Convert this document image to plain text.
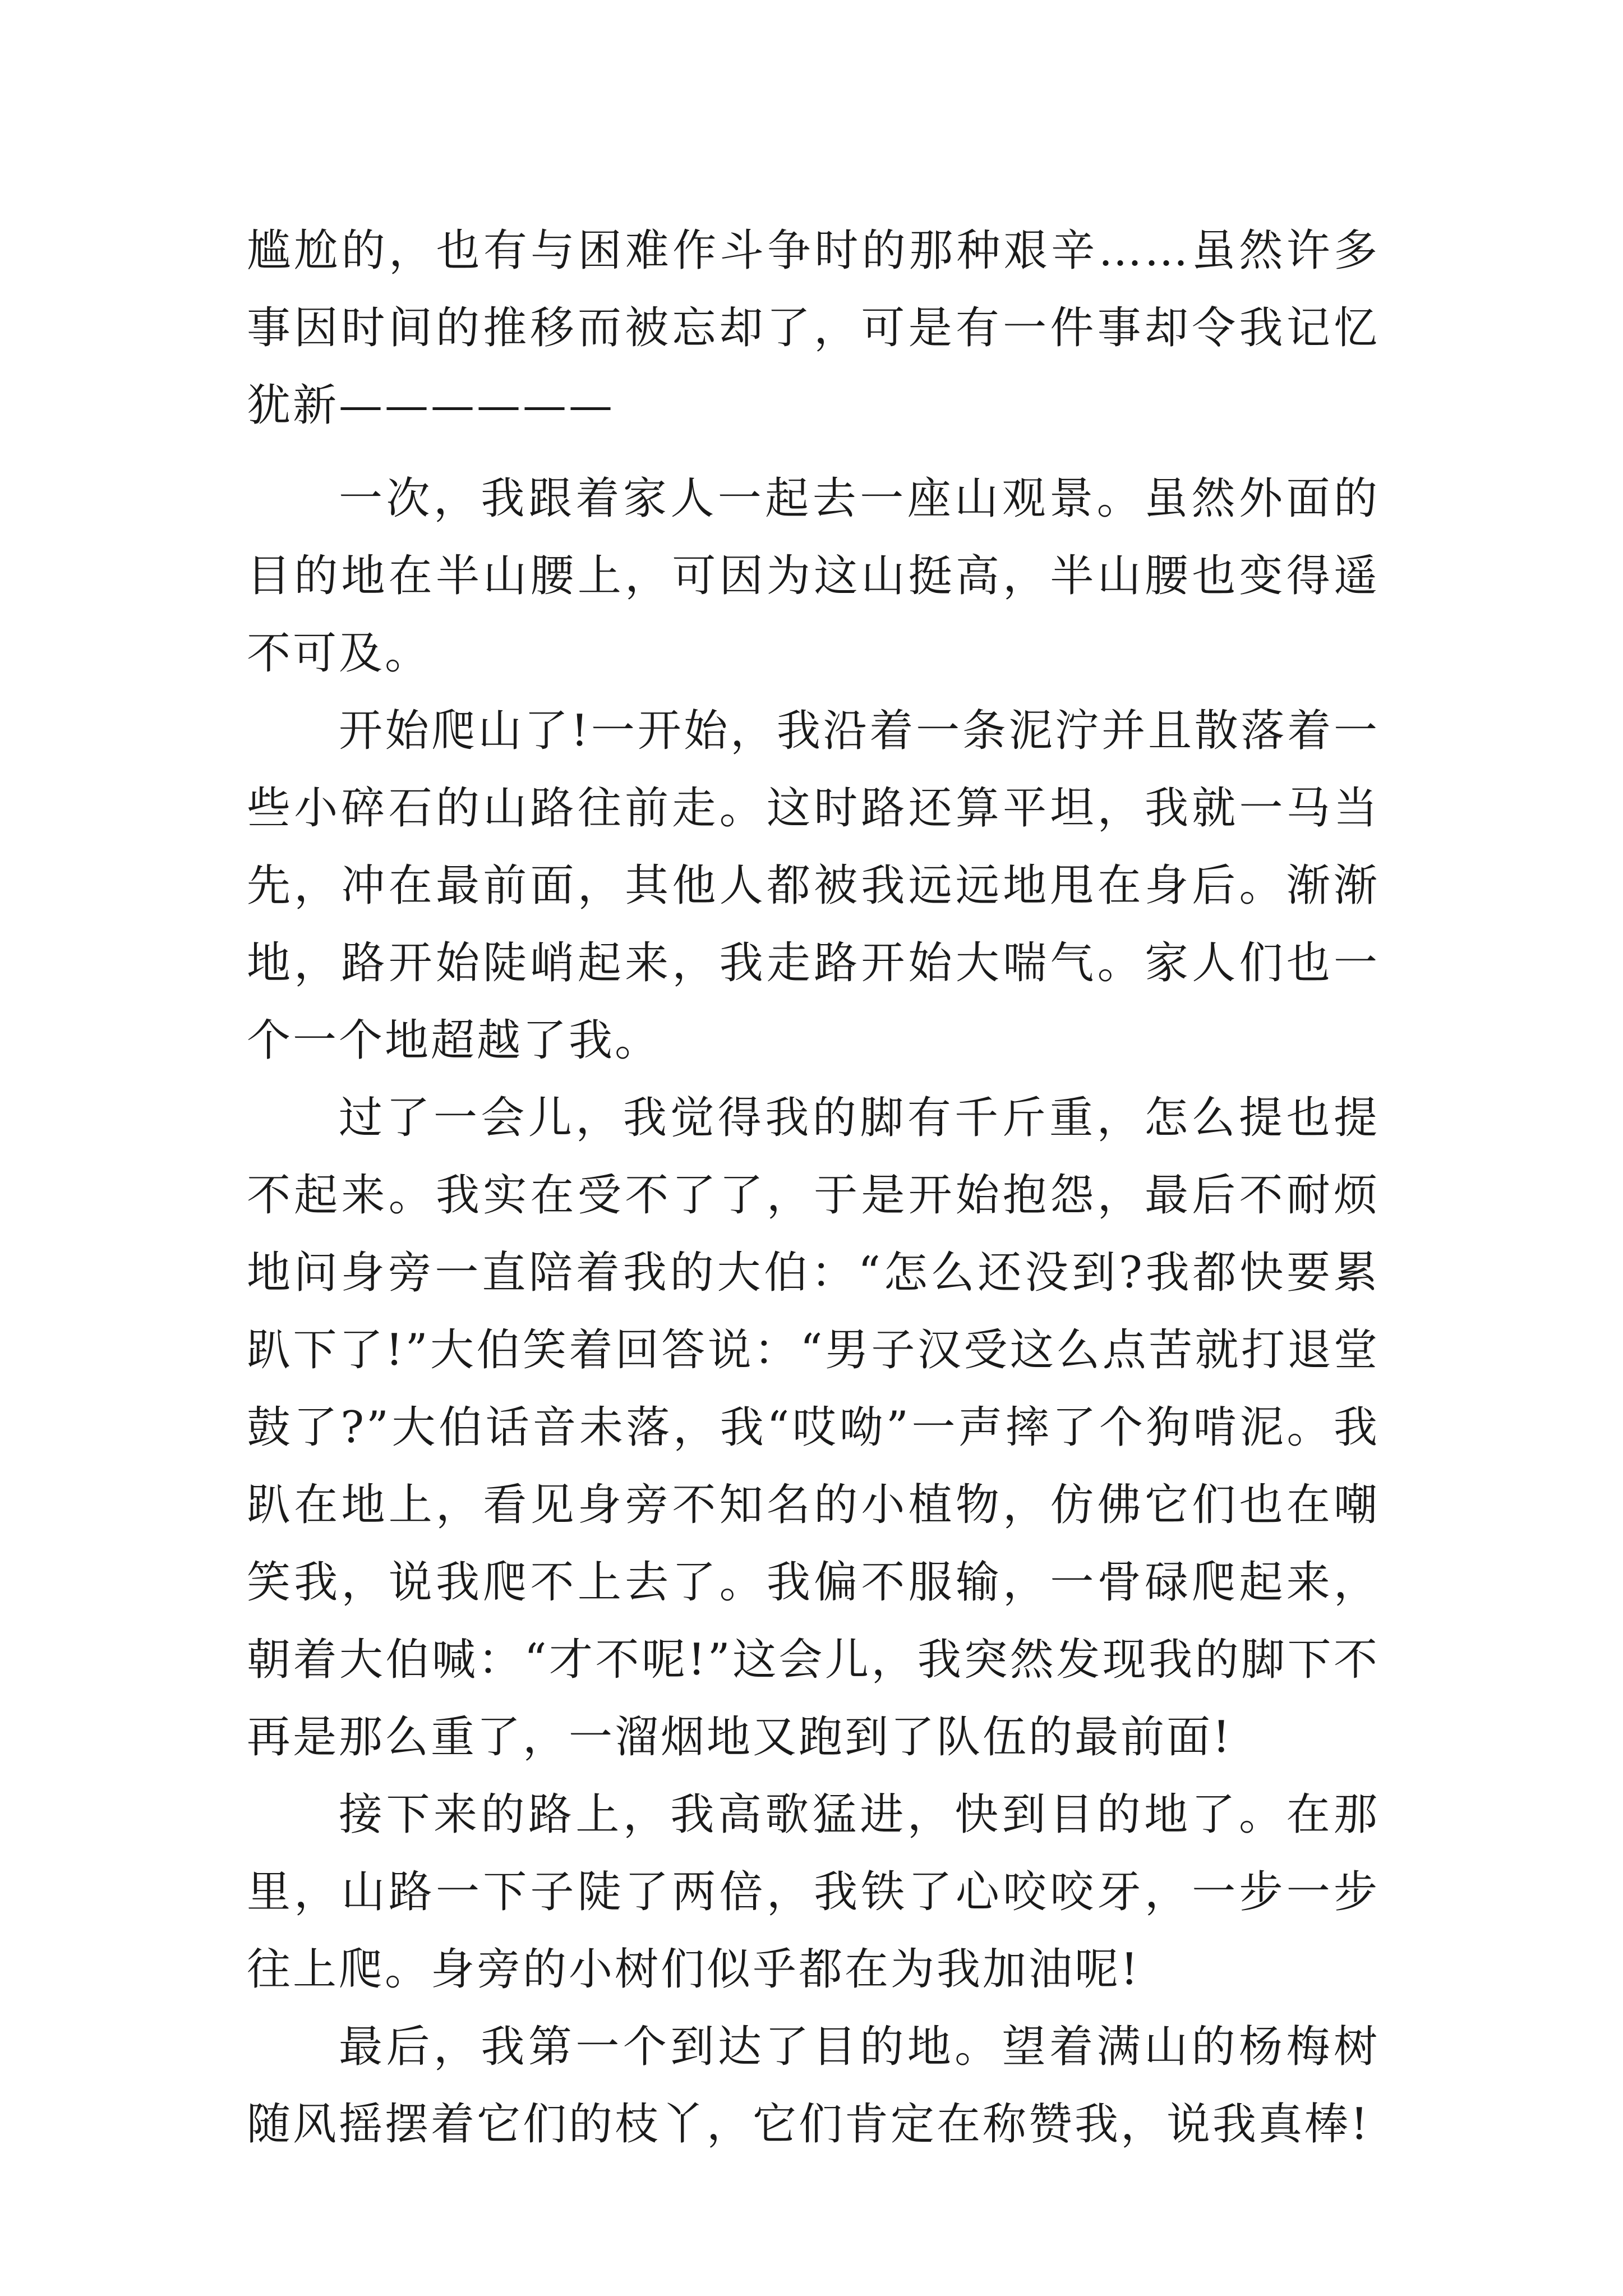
尴尬的，也有与困难作斗争时的那种艰辛……虽然许多事因时间的推移而被忘却了，可是有一件事却令我记忆犹新——————

一次，我跟着家人一起去一座山观景。虽然外面的目的地在半山腰上，可因为这山挺高，半山腰也变得遥不可及。

开始爬山了!一开始，我沿着一条泥泞并且散落着一些小碎石的山路往前走。这时路还算平坦，我就一马当先，冲在最前面，其他人都被我远远地甩在身后。渐渐地，路开始陡峭起来，我走路开始大喘气。家人们也一个一个地超越了我。

过了一会儿，我觉得我的脚有千斤重，怎么提也提不起来。我实在受不了了，于是开始抱怨，最后不耐烦地问身旁一直陪着我的大伯：“怎么还没到?我都快要累趴下了!”大伯笑着回答说：“男子汉受这么点苦就打退堂鼓了?”大伯话音未落，我“哎呦”一声摔了个狗啃泥。我趴在地上，看见身旁不知名的小植物，仿佛它们也在嘲笑我，说我爬不上去了。我偏不服输，一骨碌爬起来，朝着大伯喊：“才不呢!”这会儿，我突然发现我的脚下不再是那么重了，一溜烟地又跑到了队伍的最前面!

接下来的路上，我高歌猛进，快到目的地了。在那里，山路一下子陡了两倍，我铁了心咬咬牙，一步一步往上爬。身旁的小树们似乎都在为我加油呢!

最后，我第一个到达了目的地。望着满山的杨梅树随风摇摆着它们的枝丫，它们肯定在称赞我，说我真棒!
